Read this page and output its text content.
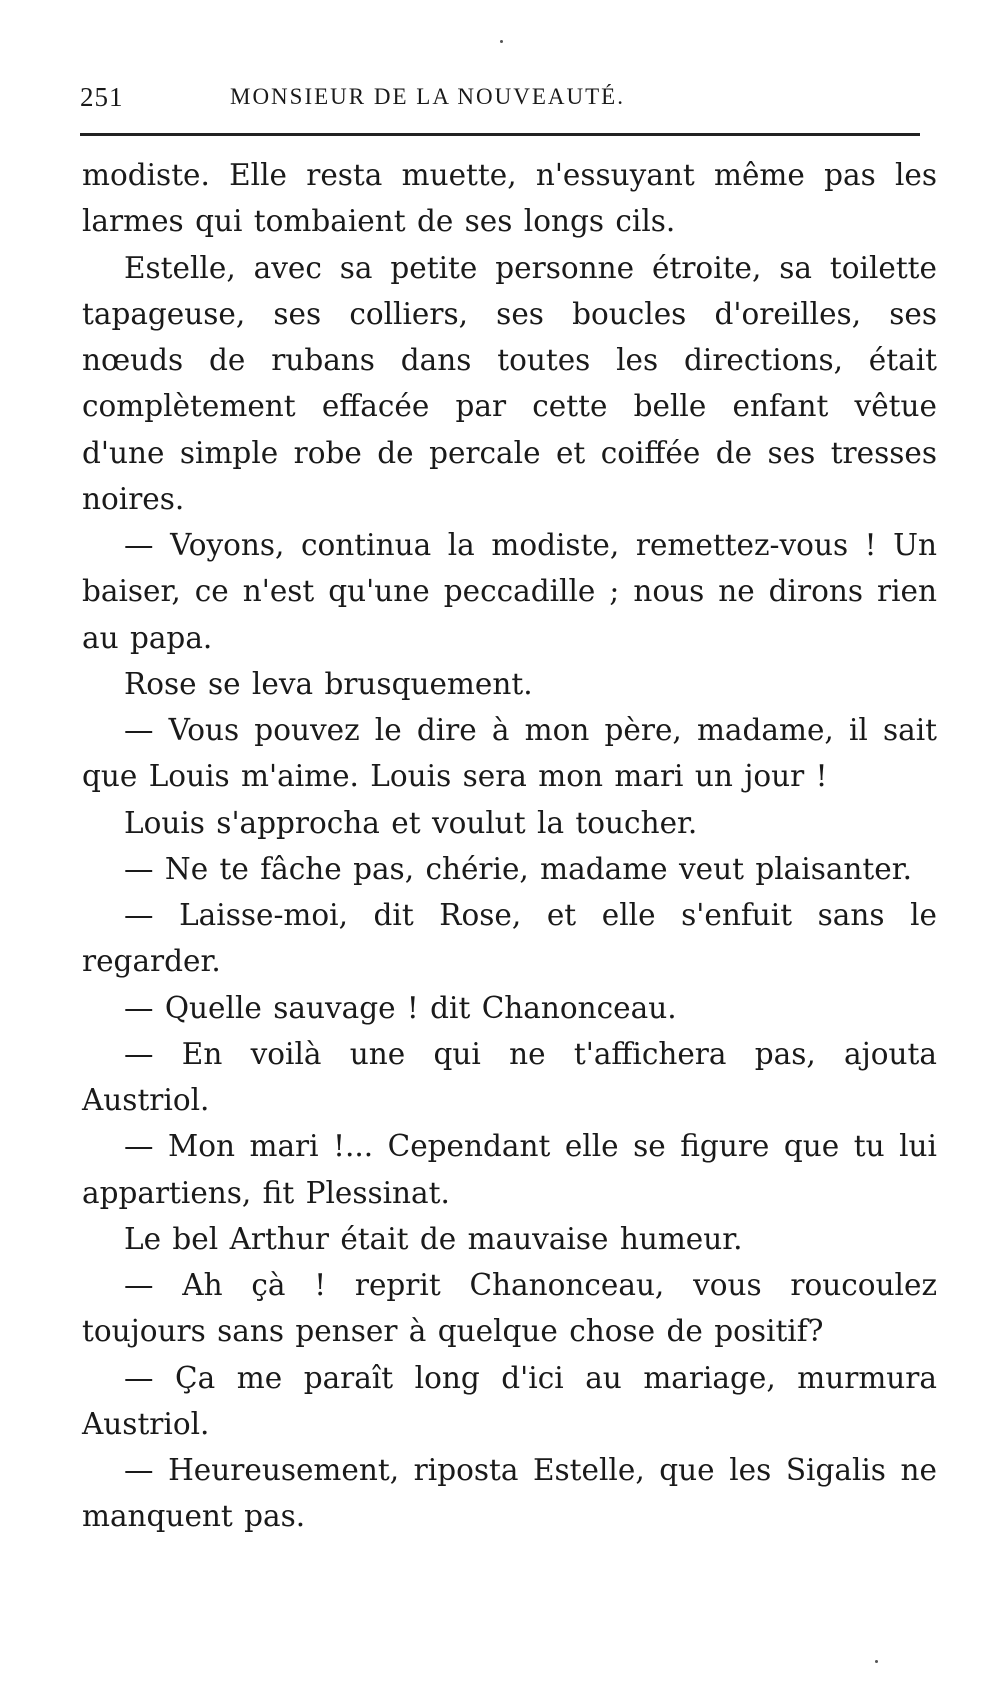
251	MONSIEUR DE LA NOUVEAUTÉ.

modiste. Elle resta muette, n'essuyant même pas les larmes qui tombaient de ses longs cils.

Estelle, avec sa petite personne étroite, sa toilette tapageuse, ses colliers, ses boucles d'oreilles, ses nœuds de rubans dans toutes les directions, était complètement effacée par cette belle enfant vêtue d'une simple robe de percale et coiffée de ses tresses noires.

— Voyons, continua la modiste, remettez-vous ! Un baiser, ce n'est qu'une peccadille ; nous ne dirons rien au papa.

Rose se leva brusquement.

— Vous pouvez le dire à mon père, madame, il sait que Louis m'aime. Louis sera mon mari un jour !

Louis s'approcha et voulut la toucher.

— Ne te fâche pas, chérie, madame veut plaisanter.

— Laisse-moi, dit Rose, et elle s'enfuit sans le regarder.

— Quelle sauvage ! dit Chanonceau.

— En voilà une qui ne t'affichera pas, ajouta Austriol.

— Mon mari !... Cependant elle se figure que tu lui appartiens, fit Plessinat.

Le bel Arthur était de mauvaise humeur.

— Ah çà ! reprit Chanonceau, vous roucoulez toujours sans penser à quelque chose de positif?

— Ça me paraît long d'ici au mariage, murmura Austriol.

— Heureusement, riposta Estelle, que les Sigalis ne manquent pas.
